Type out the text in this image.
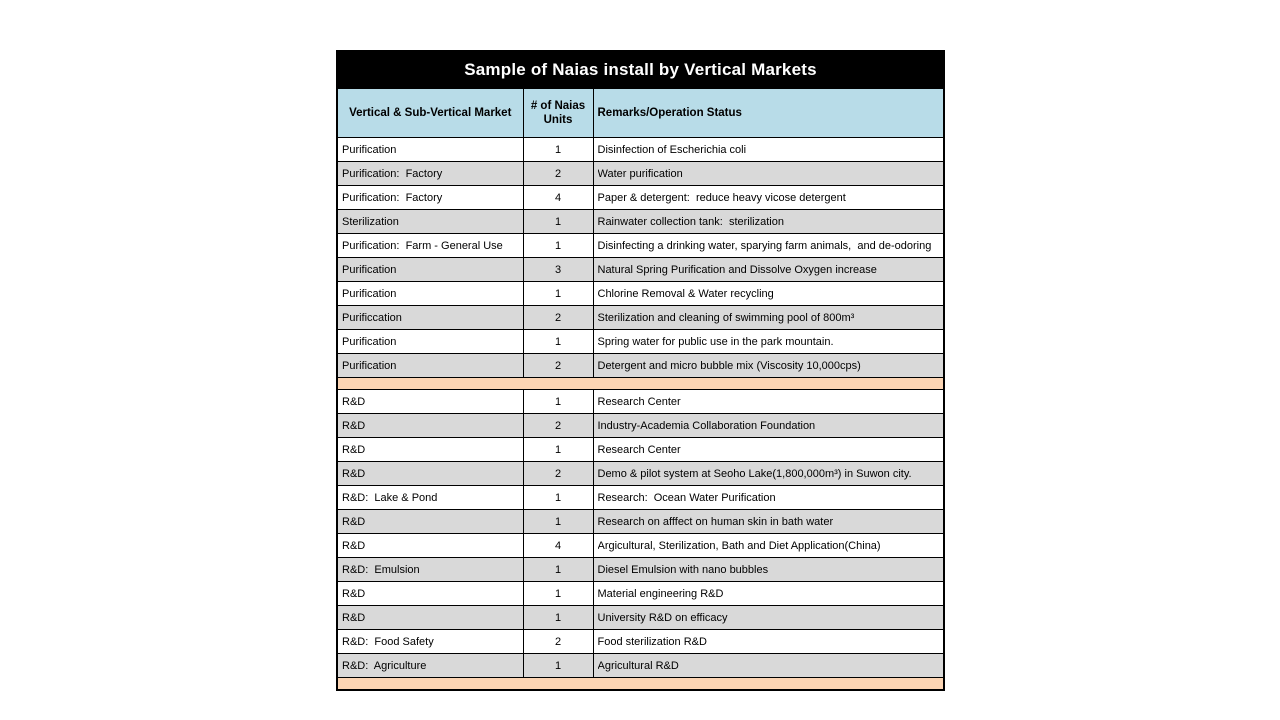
Sample of Naias install by Vertical Markets		
Vertical & Sub-Vertical Market	# of Naias Units	Remarks/Operation Status

Purification	1	Disinfection of Escherichia coli

Purification:  Factory	2	Water purification

Purification:  Factory	4	Paper & detergent:  reduce heavy vicose detergent

Sterilization	1	Rainwater collection tank:  sterilization

Purification:  Farm - General Use	1	Disinfecting a drinking water, sparying farm animals,  and de-odoring

Purification	3	Natural Spring Purification and Dissolve Oxygen increase

Purification	1	Chlorine Removal & Water recycling

Purificcation	2	Sterilization and cleaning of swimming pool of 800m³

Purification	1	Spring water for public use in the park mountain.

Purification	2	Detergent and micro bubble mix (Viscosity 10,000cps)

R&D	1	Research Center

R&D	2	Industry-Academia Collaboration Foundation

R&D	1	Research Center

R&D	2	Demo & pilot system at Seoho Lake(1,800,000m³) in Suwon city.

R&D:  Lake & Pond	1	Research:  Ocean Water Purification

R&D	1	Research on afffect on human skin in bath water

R&D	4	Argicultural, Sterilization, Bath and Diet Application(China)

R&D:  Emulsion	1	Diesel Emulsion with nano bubbles

R&D	1	Material engineering R&D

R&D	1	University R&D on efficacy

R&D:  Food Safety	2	Food sterilization R&D

R&D:  Agriculture	1	Agricultural R&D
